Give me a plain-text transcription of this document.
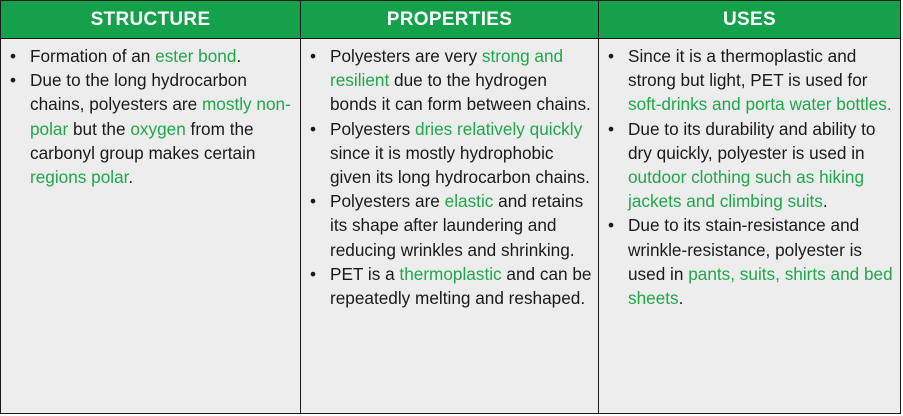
STRUCTURE	PROPERTIES	USES
• Formation of an ester bond.
• Due to the long hydrocarbon chains, polyesters are mostly non-polar but the oxygen from the carbonyl group makes certain regions polar.
• Polyesters are very strong and resilient due to the hydrogen bonds it can form between chains.
• Polyesters dries relatively quickly since it is mostly hydrophobic given its long hydrocarbon chains.
• Polyesters are elastic and retains its shape after laundering and reducing wrinkles and shrinking.
• PET is a thermoplastic and can be repeatedly melting and reshaped.
• Since it is a thermoplastic and strong but light, PET is used for soft-drinks and porta water bottles.
• Due to its durability and ability to dry quickly, polyester is used in outdoor clothing such as hiking jackets and climbing suits.
• Due to its stain-resistance and wrinkle-resistance, polyester is used in pants, suits, shirts and bed sheets.
